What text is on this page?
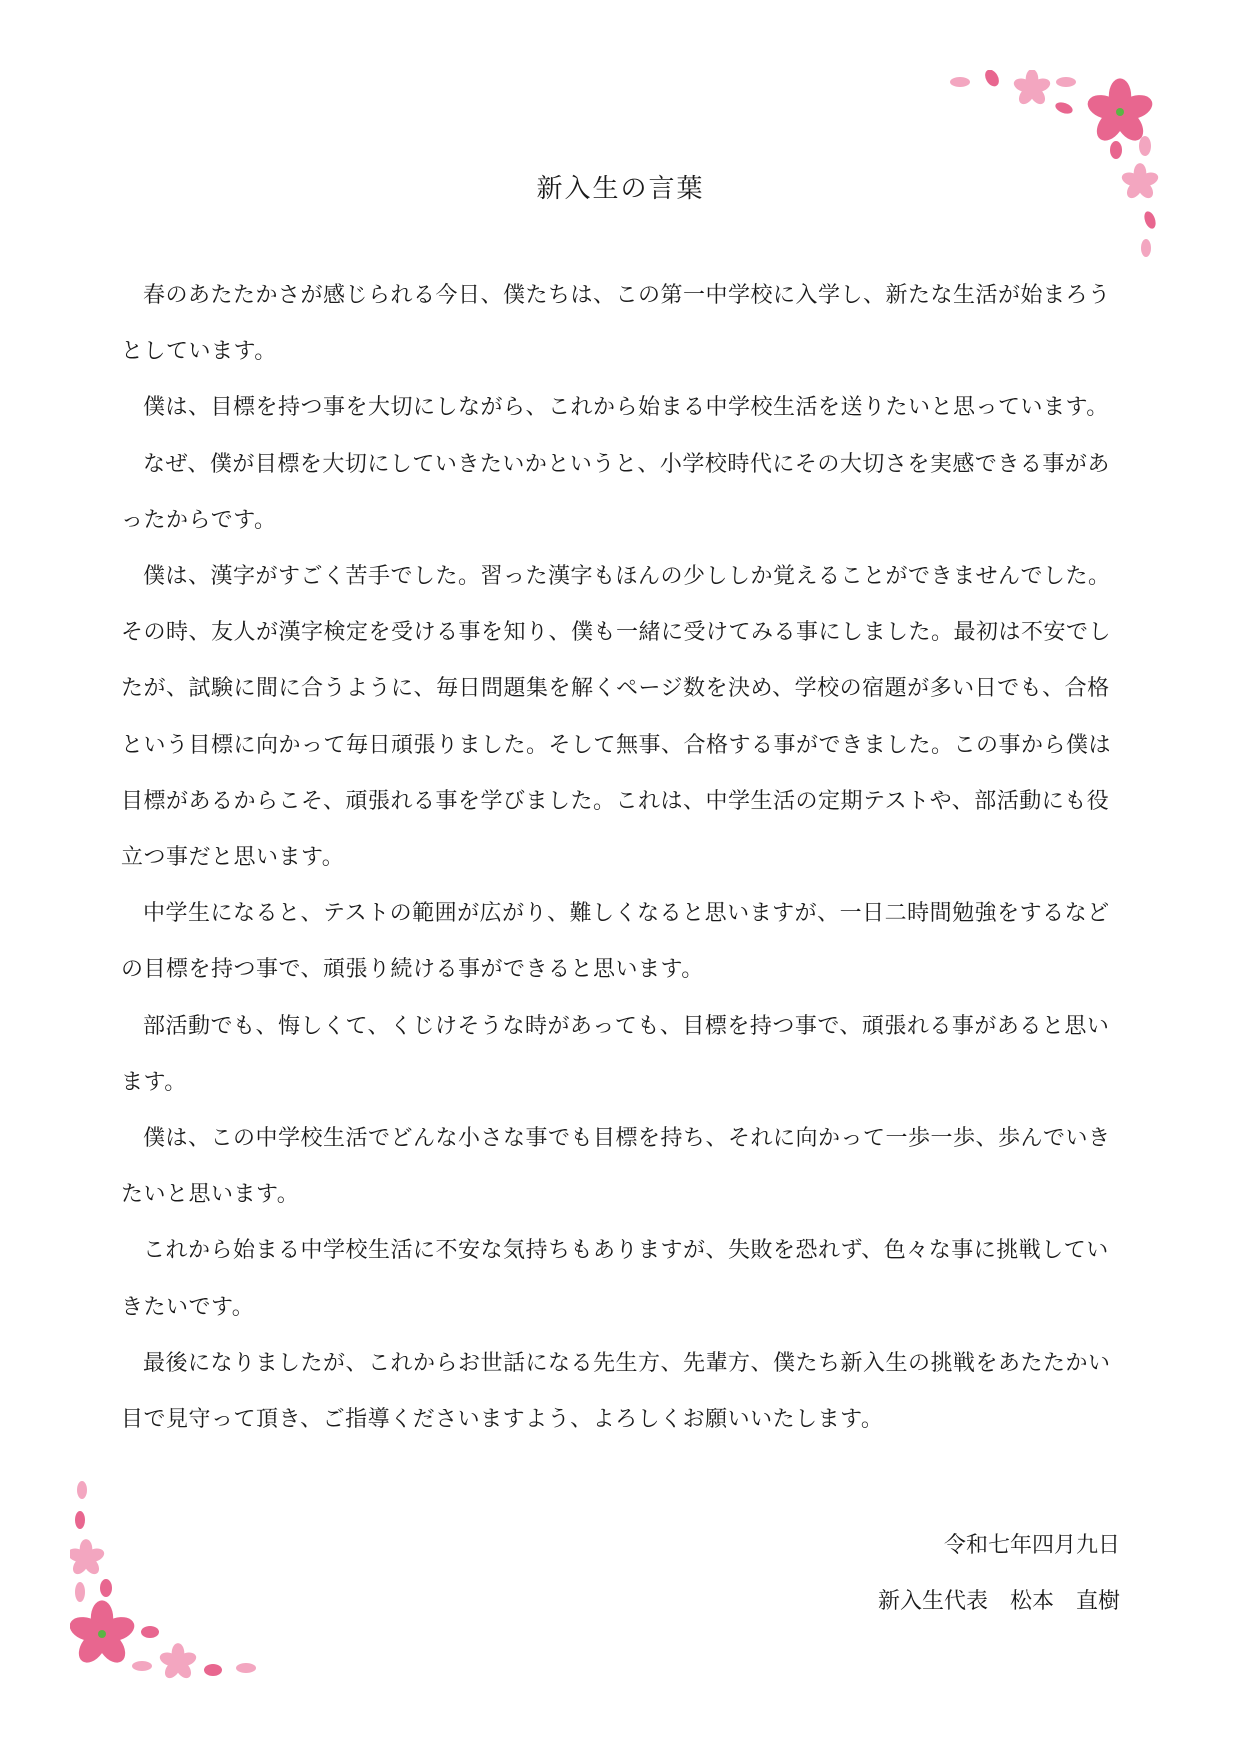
新入生の言葉

春のあたたかさが感じられる今日、僕たちは、この第一中学校に入学し、新たな生活が始まろうとしています。

僕は、目標を持つ事を大切にしながら、これから始まる中学校生活を送りたいと思っています。

なぜ、僕が目標を大切にしていきたいかというと、小学校時代にその大切さを実感できる事があったからです。

僕は、漢字がすごく苦手でした。習った漢字もほんの少ししか覚えることができませんでした。その時、友人が漢字検定を受ける事を知り、僕も一緒に受けてみる事にしました。最初は不安でしたが、試験に間に合うように、毎日問題集を解くページ数を決め、学校の宿題が多い日でも、合格という目標に向かって毎日頑張りました。そして無事、合格する事ができました。この事から僕は目標があるからこそ、頑張れる事を学びました。これは、中学生活の定期テストや、部活動にも役立つ事だと思います。

中学生になると、テストの範囲が広がり、難しくなると思いますが、一日二時間勉強をするなどの目標を持つ事で、頑張り続ける事ができると思います。

部活動でも、悔しくて、くじけそうな時があっても、目標を持つ事で、頑張れる事があると思います。

僕は、この中学校生活でどんな小さな事でも目標を持ち、それに向かって一歩一歩、歩んでいきたいと思います。

これから始まる中学校生活に不安な気持ちもありますが、失敗を恐れず、色々な事に挑戦していきたいです。

最後になりましたが、これからお世話になる先生方、先輩方、僕たち新入生の挑戦をあたたかい目で見守って頂き、ご指導くださいますよう、よろしくお願いいたします。

令和七年四月九日
新入生代表　松本　直樹
